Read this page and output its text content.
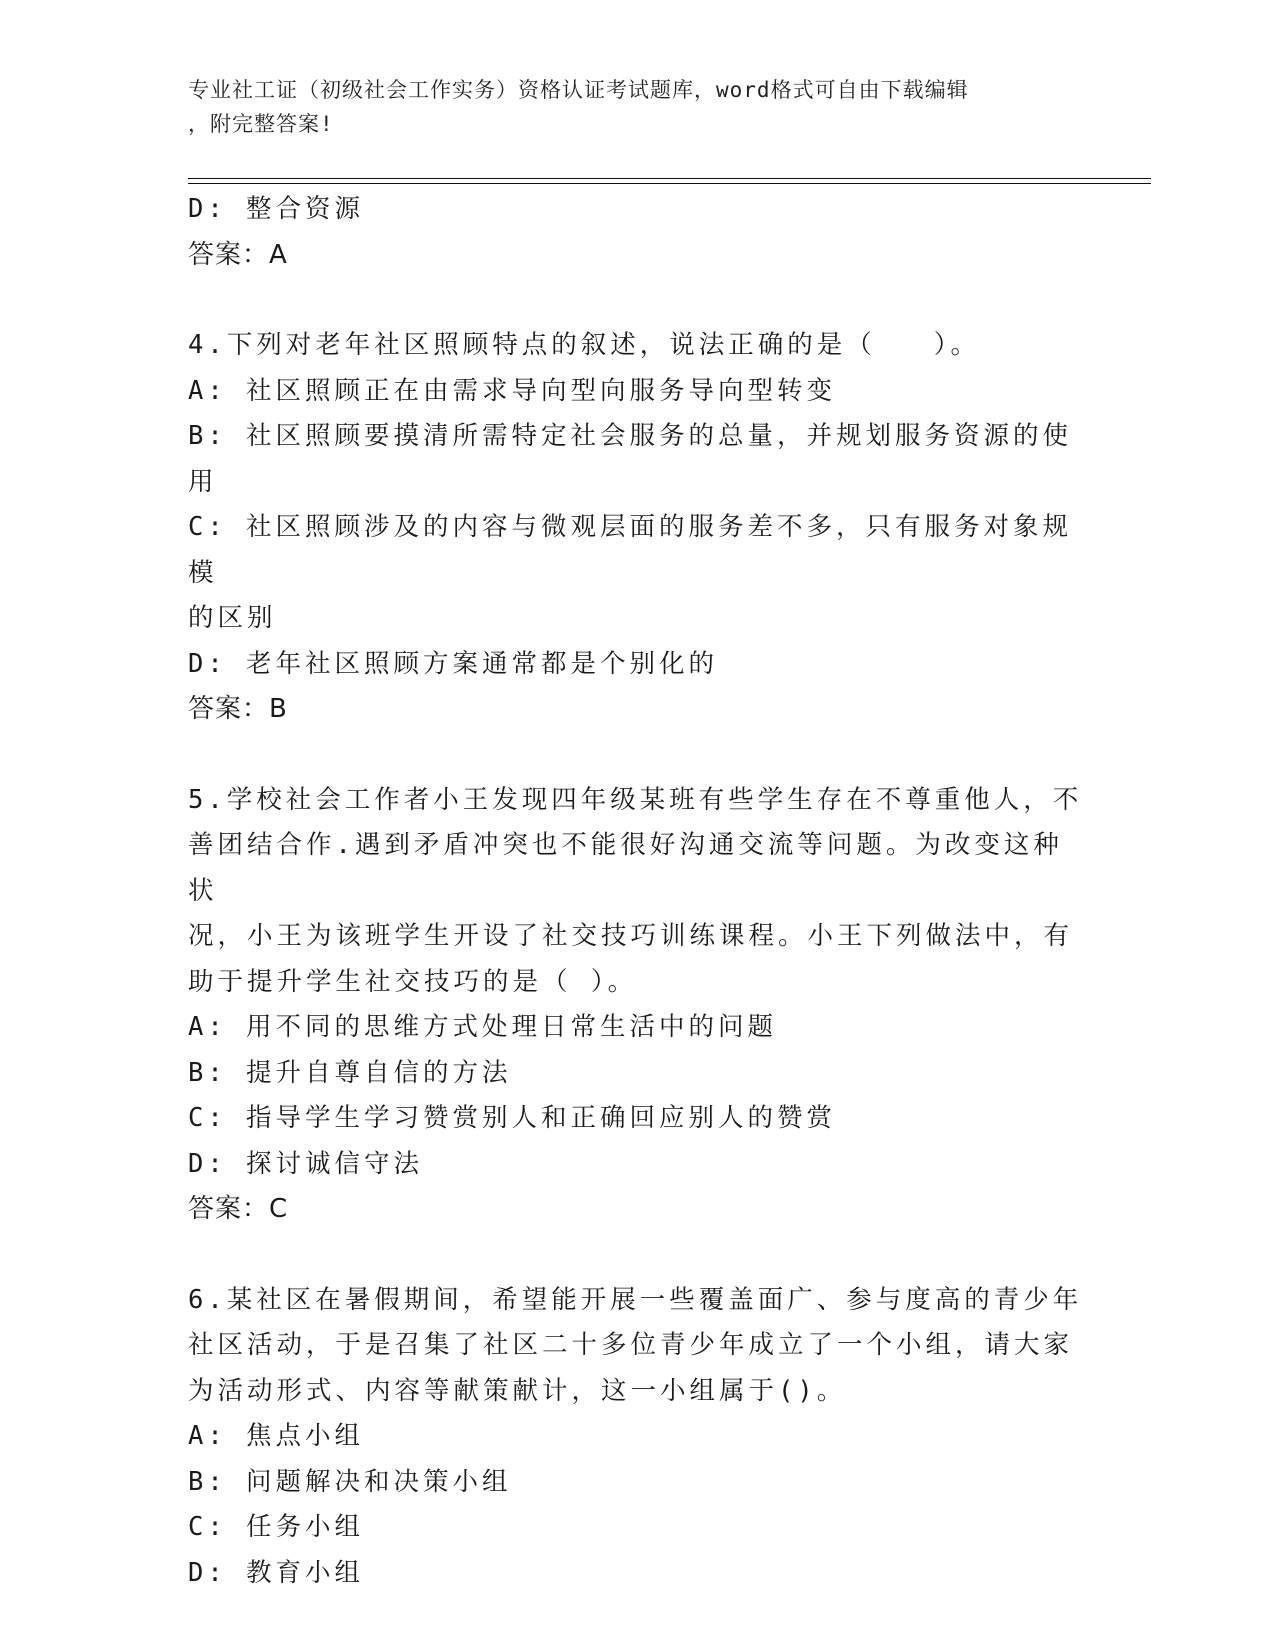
专业社工证（初级社会工作实务）资格认证考试题库，word格式可自由下载编辑
，附完整答案!
D: 整合资源
答案：A
4.下列对老年社区照顾特点的叙述，说法正确的是（   ）。
A: 社区照顾正在由需求导向型向服务导向型转变
B: 社区照顾要摸清所需特定社会服务的总量，并规划服务资源的使用
C: 社区照顾涉及的内容与微观层面的服务差不多，只有服务对象规模
的区别
D: 老年社区照顾方案通常都是个别化的
答案：B
5.学校社会工作者小王发现四年级某班有些学生存在不尊重他人，不
善团结合作.遇到矛盾冲突也不能很好沟通交流等问题。为改变这种状
况，小王为该班学生开设了社交技巧训练课程。小王下列做法中，有
助于提升学生社交技巧的是（ ）。
A: 用不同的思维方式处理日常生活中的问题
B: 提升自尊自信的方法
C: 指导学生学习赞赏别人和正确回应别人的赞赏
D: 探讨诚信守法
答案：C
6.某社区在暑假期间，希望能开展一些覆盖面广、参与度高的青少年
社区活动，于是召集了社区二十多位青少年成立了一个小组，请大家
为活动形式、内容等献策献计，这一小组属于()。
A: 焦点小组
B: 问题解决和决策小组
C: 任务小组
D: 教育小组
